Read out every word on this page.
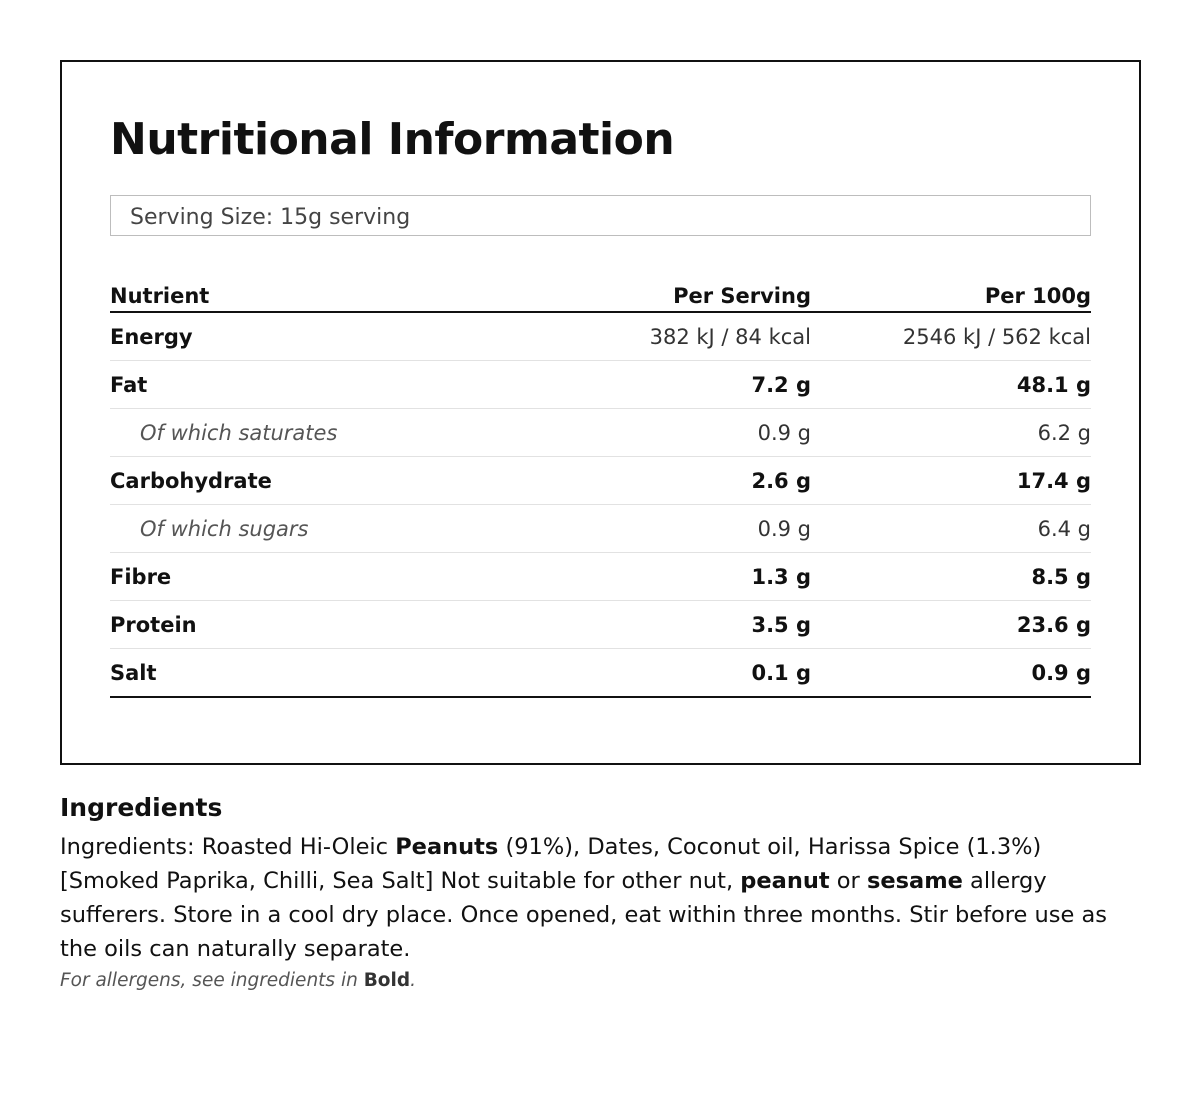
Nutritional Information
Serving Size: 15g serving
Nutrient	Per Serving	Per 100g
Energy	382 kJ / 84 kcal	2546 kJ / 562 kcal
Fat	7.2 g	48.1 g
Of which saturates	0.9 g	6.2 g
Carbohydrate	2.6 g	17.4 g
Of which sugars	0.9 g	6.4 g
Fibre	1.3 g	8.5 g
Protein	3.5 g	23.6 g
Salt	0.1 g	0.9 g
Ingredients

Ingredients: Roasted Hi-Oleic Peanuts (91%), Dates, Coconut oil, Harissa Spice (1.3%) [Smoked Paprika, Chilli, Sea Salt] Not suitable for other nut, peanut or sesame allergy sufferers. Store in a cool dry place. Once opened, eat within three months. Stir before use as the oils can naturally separate.

For allergens, see ingredients in Bold.
